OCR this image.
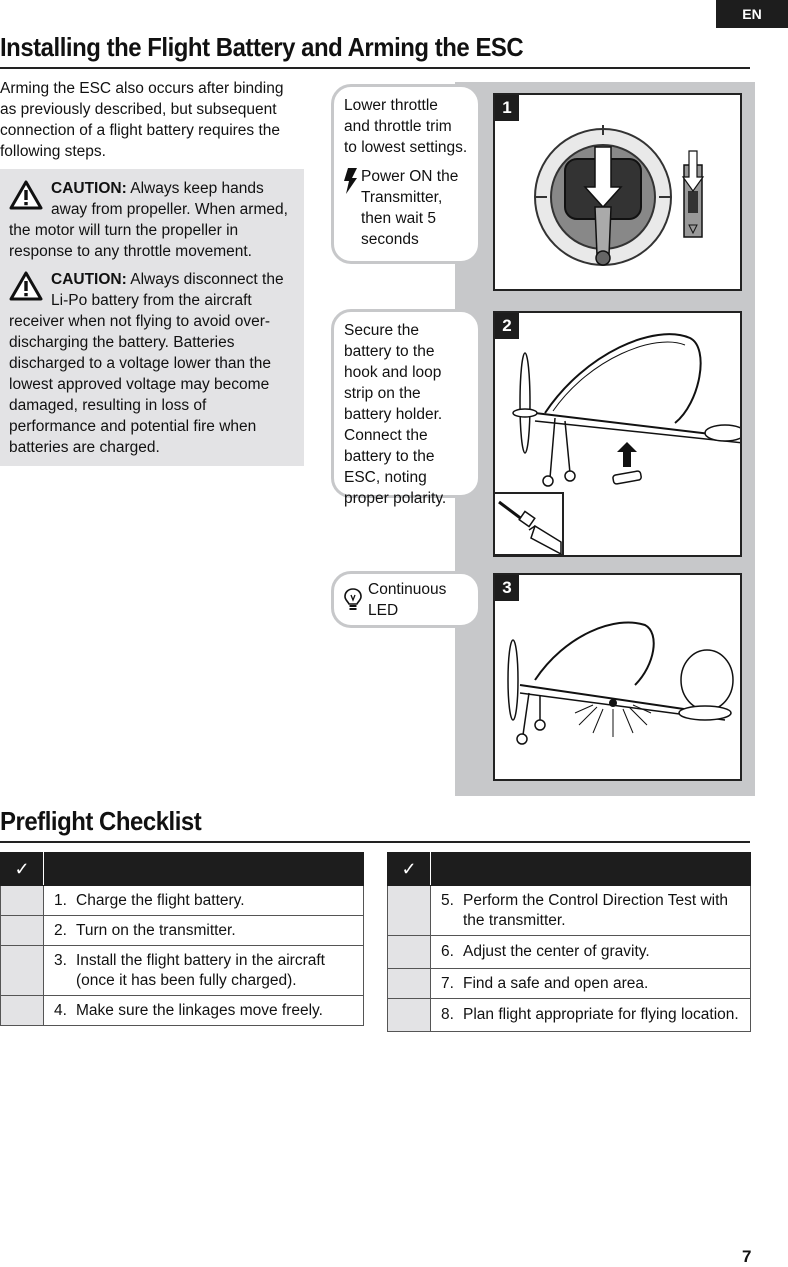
EN
Installing the Flight Battery and Arming the ESC
Arming the ESC also occurs after binding as previously described, but subsequent connection of a flight battery requires the following steps.
CAUTION: Always keep hands away from propeller. When armed, the motor will turn the propeller in response to any throttle movement.
CAUTION: Always disconnect the Li-Po battery from the aircraft receiver when not flying to avoid over-discharging the battery. Batteries discharged to a voltage lower than the lowest approved voltage may become damaged, resulting in loss of performance and potential fire when batteries are charged.
Lower throttle and throttle trim to lowest settings.
Power ON the Transmitter, then wait 5 seconds
Secure the battery to the hook and loop strip on the battery holder. Connect the battery to the ESC, noting proper polarity.
Continuous LED
1
2
3
Preflight Checklist
✓	
	1. Charge the flight battery.
	2. Turn on the transmitter.
	3. Install the flight battery in the aircraft
(once it has been fully charged).

	4. Make sure the linkages move freely.
✓	
	5. Perform the Control Direction Test with
the transmitter.

	6. Adjust the center of gravity.
	7. Find a safe and open area.
	8. Plan flight appropriate for flying location.
7
